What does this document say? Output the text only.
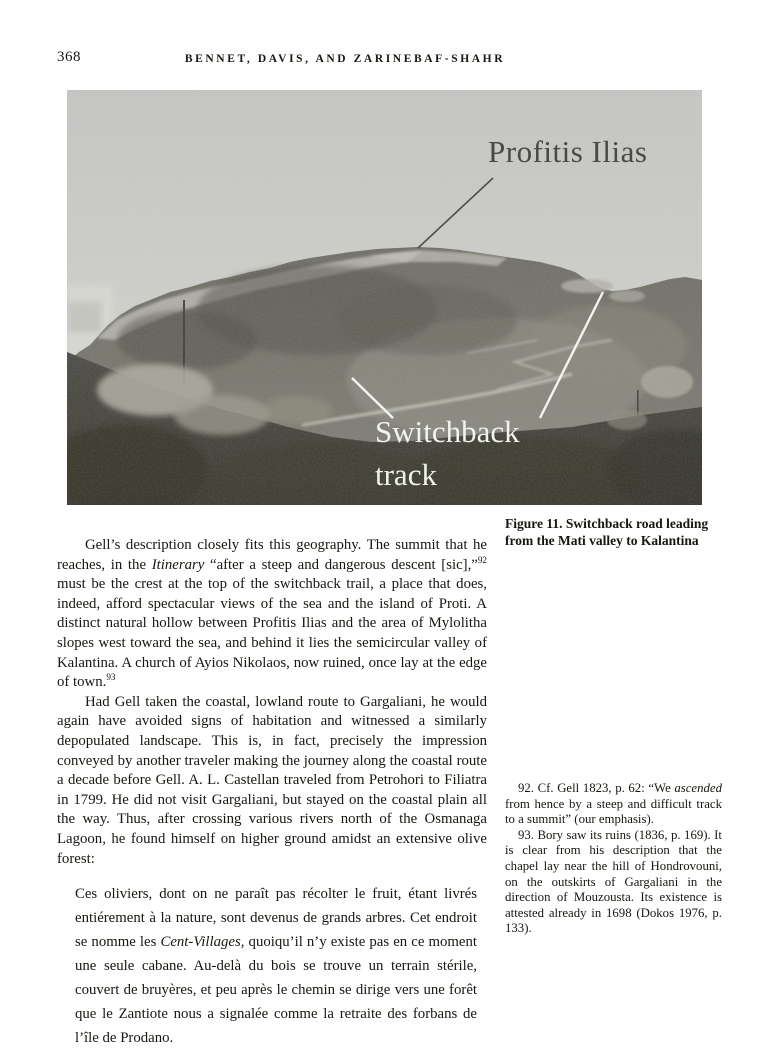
368	BENNET, DAVIS, AND ZARINEBAF-SHAHR
Profitis Ilias
Switchback track
Figure 11. Switchback road leading from the Mati valley to Kalantina

Gell’s description closely fits this geography. The summit that he reaches, in the Itinerary “after a steep and dangerous descent [sic],”$^{92}$ must be the crest at the top of the switchback trail, a place that does, indeed, afford spectacular views of the sea and the island of Proti. A distinct natural hollow between Profitis Ilias and the area of Mylolitha slopes west toward the sea, and behind it lies the semicircular valley of Kalantina. A church of Ayios Nikolaos, now ruined, once lay at the edge of town.$^{93}$

Had Gell taken the coastal, lowland route to Gargaliani, he would again have avoided signs of habitation and witnessed a similarly depopulated landscape. This is, in fact, precisely the impression conveyed by another traveler making the journey along the coastal route a decade before Gell. A. L. Castellan traveled from Petrohori to Filiatra in 1799. He did not visit Gargaliani, but stayed on the coastal plain all the way. Thus, after crossing various rivers north of the Osmanaga Lagoon, he found himself on higher ground amidst an extensive olive forest:

Ces oliviers, dont on ne paraît pas récolter le fruit, étant livrés entiérement à la nature, sont devenus de grands arbres. Cet endroit se nomme les Cent-Villages, quoiqu’il n’y existe pas en ce moment une seule cabane. Au-delà du bois se trouve un terrain stérile, couvert de bruyères, et peu après le chemin se dirige vers une forêt que le Zantiote nous a signalée comme la retraite des forbans de l’île de Prodano.

92. Cf. Gell 1823, p. 62: “We ascended from hence by a steep and difficult track to a summit” (our emphasis).

93. Bory saw its ruins (1836, p. 169). It is clear from his description that the chapel lay near the hill of Hondrovouni, on the outskirts of Gargaliani in the direction of Mouzousta. Its existence is attested already in 1698 (Dokos 1976, p. 133).
